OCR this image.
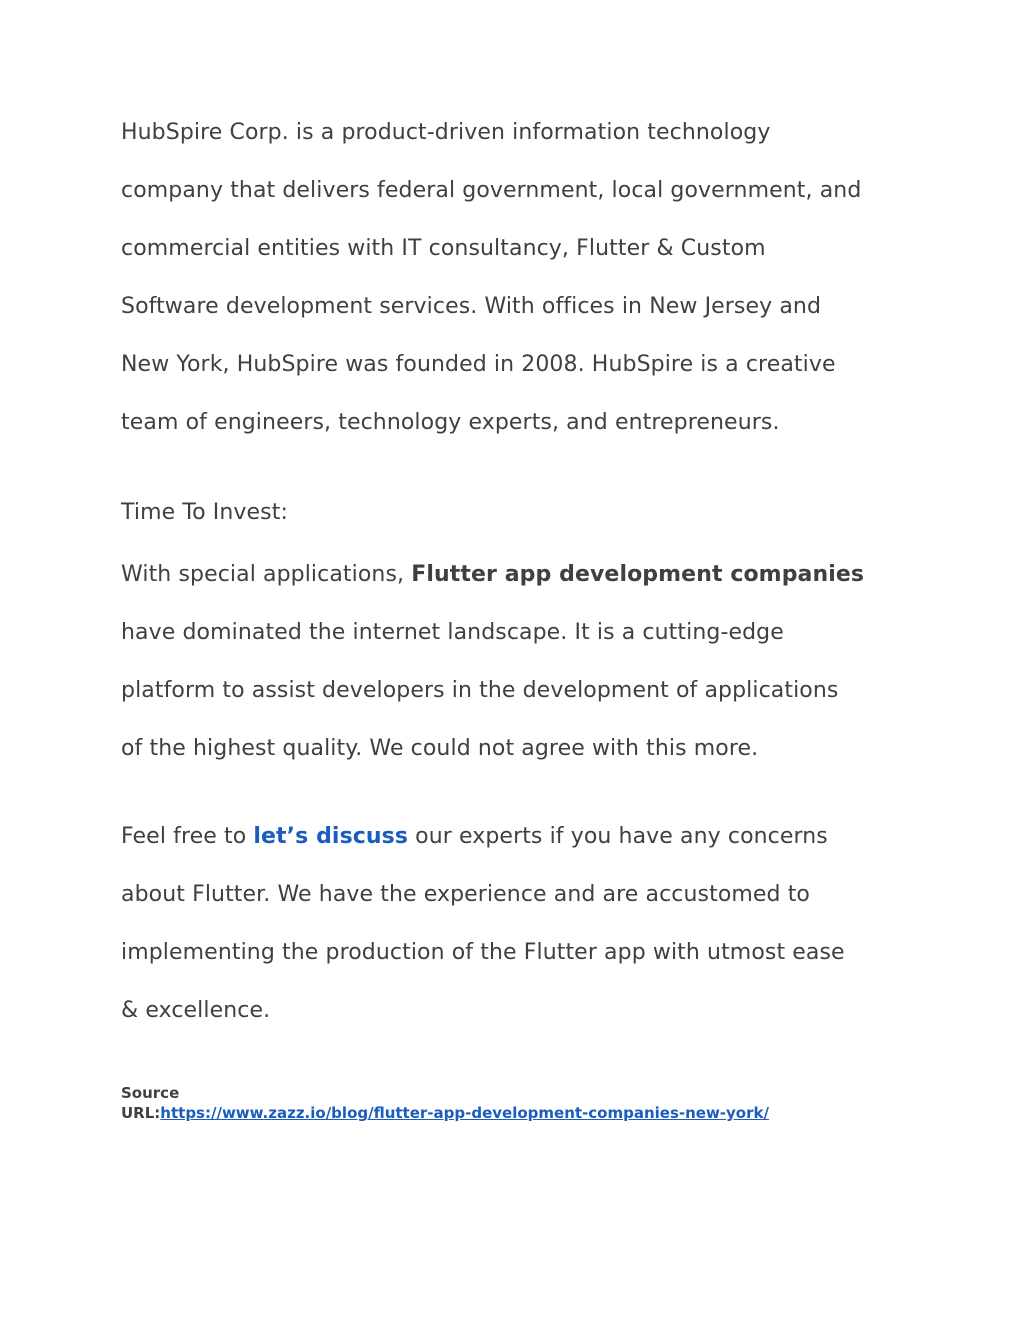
HubSpire Corp. is a product-driven information technology
company that delivers federal government, local government, and
commercial entities with IT consultancy, Flutter & Custom
Software development services. With offices in New Jersey and
New York, HubSpire was founded in 2008. HubSpire is a creative
team of engineers, technology experts, and entrepreneurs.

Time To Invest:

With special applications, Flutter app development companies
have dominated the internet landscape. It is a cutting-edge
platform to assist developers in the development of applications
of the highest quality. We could not agree with this more.

Feel free to let’s discuss our experts if you have any concerns
about Flutter. We have the experience and are accustomed to
implementing the production of the Flutter app with utmost ease
& excellence.

Source
URL:https://www.zazz.io/blog/flutter-app-development-companies-new-york/
